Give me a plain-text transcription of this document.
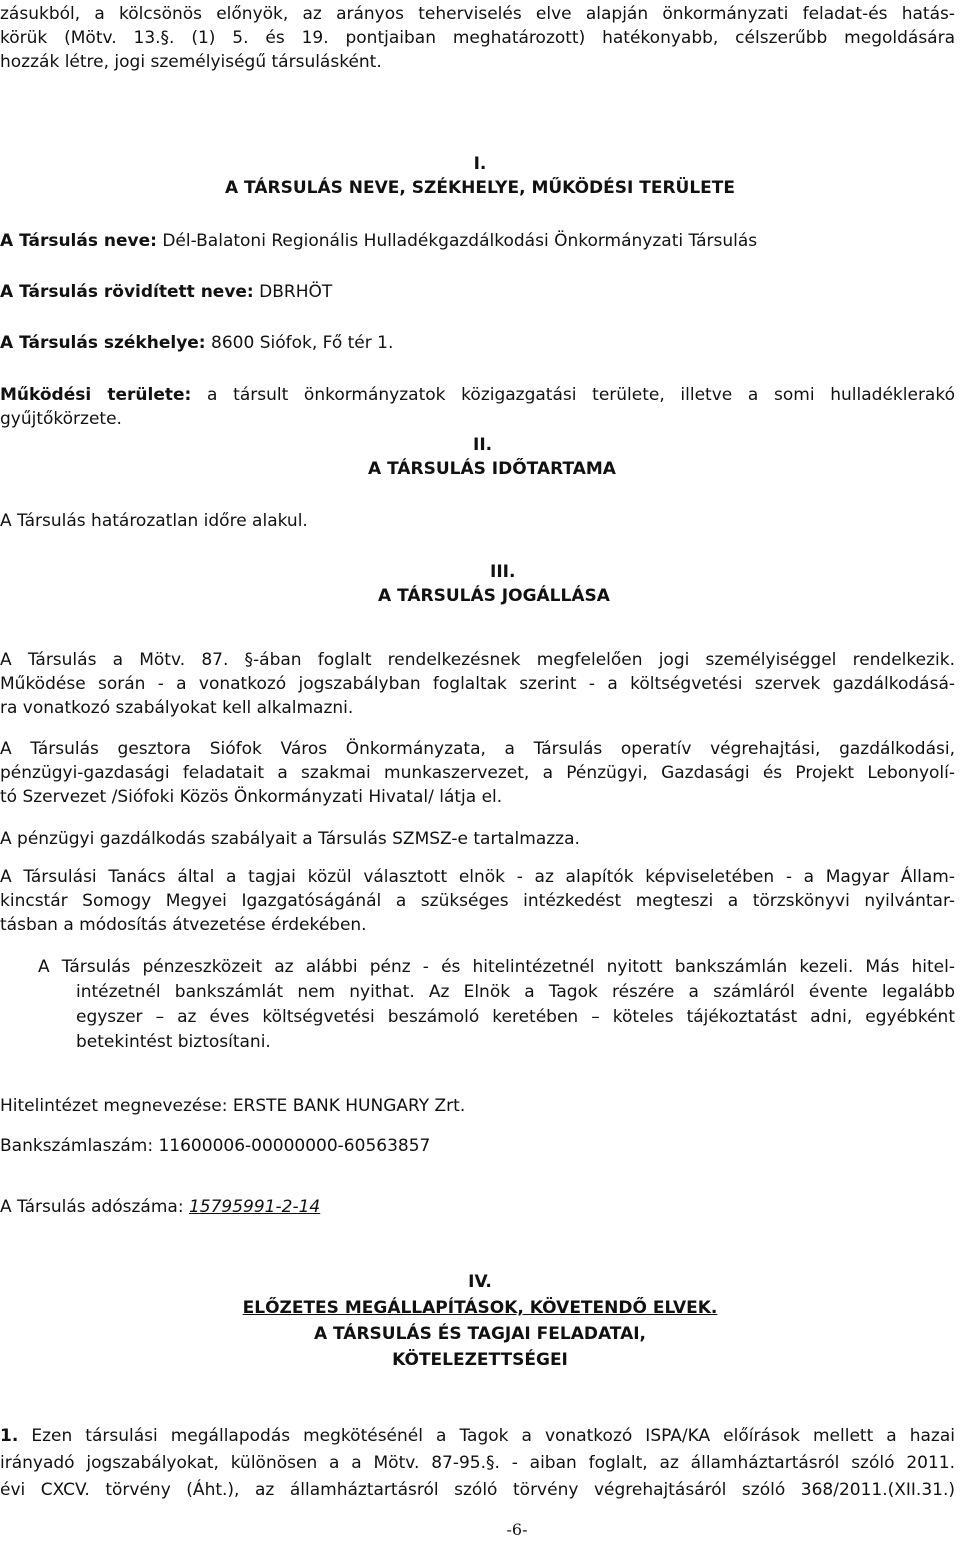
zásukból, a kölcsönös előnyök, az arányos teherviselés elve alapján önkormányzati feladat-és hatás-
körük (Mötv. 13.§. (1) 5. és 19. pontjaiban meghatározott) hatékonyabb, célszerűbb megoldására
hozzák létre, jogi személyiségű társulásként.
I.
A TÁRSULÁS NEVE, SZÉKHELYE, MŰKÖDÉSI TERÜLETE
A Társulás neve: Dél-Balatoni Regionális Hulladékgazdálkodási Önkormányzati Társulás
A Társulás rövidített neve: DBRHÖT
A Társulás székhelye: 8600 Siófok, Fő tér 1.
Működési területe: a társult önkormányzatok közigazgatási területe, illetve a somi hulladéklerakó
gyűjtőkörzete.
II.
A TÁRSULÁS IDŐTARTAMA
A Társulás határozatlan időre alakul.
III.
A TÁRSULÁS JOGÁLLÁSA
A Társulás a Mötv. 87. §-ában foglalt rendelkezésnek megfelelően jogi személyiséggel rendelkezik.
Működése során - a vonatkozó jogszabályban foglaltak szerint - a költségvetési szervek gazdálkodásá-
ra vonatkozó szabályokat kell alkalmazni.
A Társulás gesztora Siófok Város Önkormányzata, a Társulás operatív végrehajtási, gazdálkodási,
pénzügyi-gazdasági feladatait a szakmai munkaszervezet, a Pénzügyi, Gazdasági és Projekt Lebonyolí-
tó Szervezet /Siófoki Közös Önkormányzati Hivatal/ látja el.
A pénzügyi gazdálkodás szabályait a Társulás SZMSZ-e tartalmazza.
A Társulási Tanács által a tagjai közül választott elnök - az alapítók képviseletében - a Magyar Állam-
kincstár Somogy Megyei Igazgatóságánál a szükséges intézkedést megteszi a törzskönyvi nyilvántar-
tásban a módosítás átvezetése érdekében.
A Társulás pénzeszközeit az alábbi pénz - és hitelintézetnél nyitott bankszámlán kezeli. Más hitel-
intézetnél bankszámlát nem nyithat. Az Elnök a Tagok részére a számláról évente legalább
egyszer – az éves költségvetési beszámoló keretében – köteles tájékoztatást adni, egyébként
betekintést biztosítani.
Hitelintézet megnevezése: ERSTE BANK HUNGARY Zrt.
Bankszámlaszám: 11600006-00000000-60563857
A Társulás adószáma: 15795991-2-14
IV.
ELŐZETES MEGÁLLAPÍTÁSOK, KÖVETENDŐ ELVEK.
A TÁRSULÁS ÉS TAGJAI FELADATAI,
KÖTELEZETTSÉGEI
1. Ezen társulási megállapodás megkötésénél a Tagok a vonatkozó ISPA/KA előírások mellett a hazai
irányadó jogszabályokat, különösen a a Mötv. 87-95.§. - aiban foglalt, az államháztartásról szóló 2011.
évi CXCV. törvény (Áht.), az államháztartásról szóló törvény végrehajtásáról szóló 368/2011.(XII.31.)
-6-
